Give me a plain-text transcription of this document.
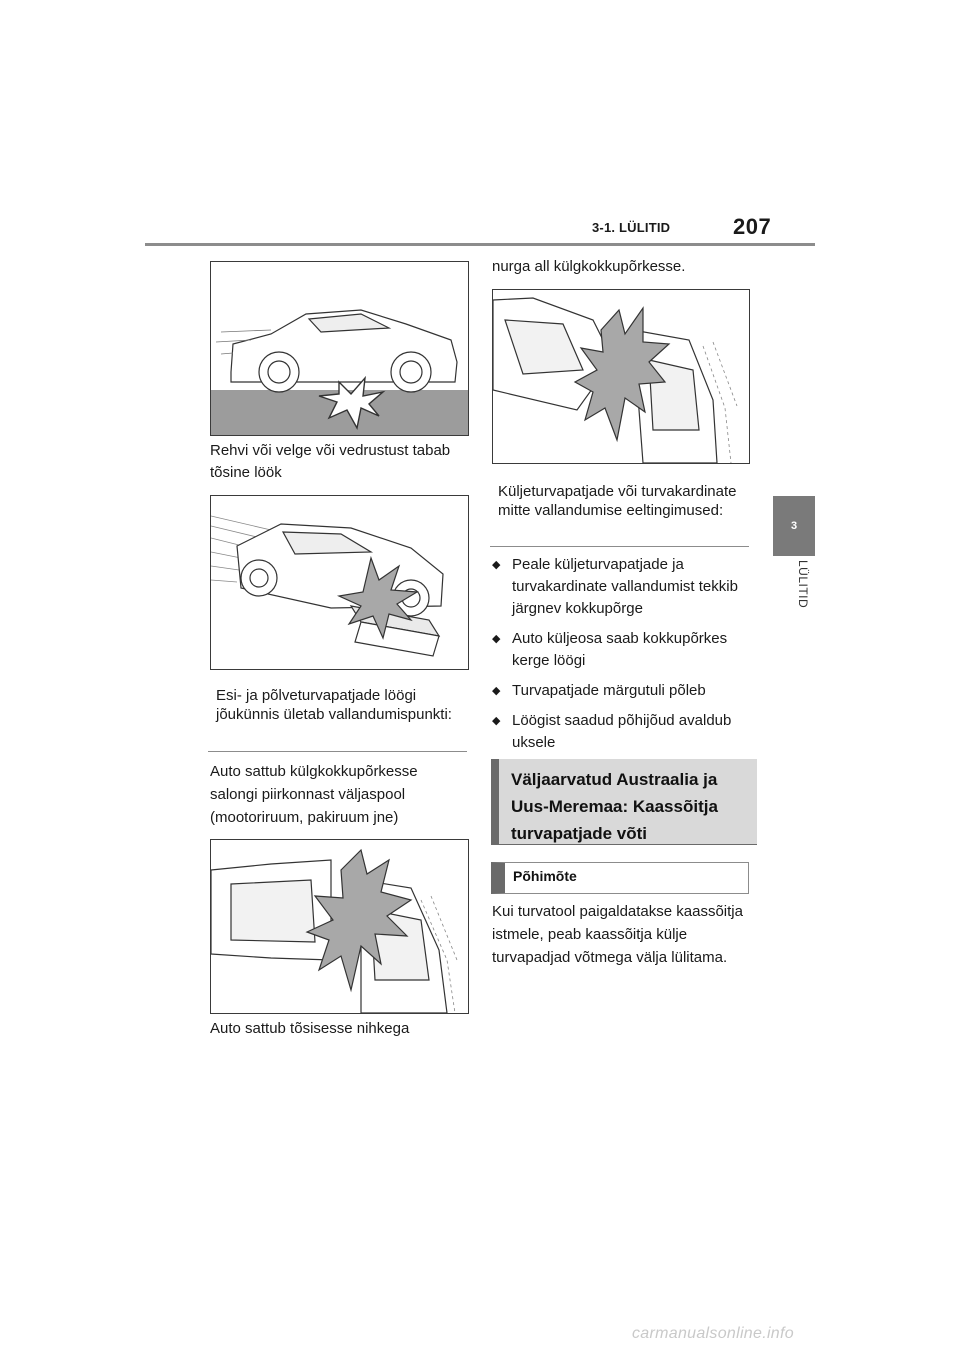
3-1. LÜLITID	207
3
LÜLITID
Rehvi või velge või vedrustust tabab tõsine löök
Esi- ja põlveturvapatjade löögi jõukünnis ületab vallandumispunkti:
Auto sattub külgkokkupõrkesse salongi piirkonnast väljaspool (mootoriruum, pakiruum jne)
Auto sattub tõsisesse nihkega
nurga all külgkokkupõrkesse.
Küljeturvapatjade või turvakardinate mitte vallandumise eeltingimused:
◆ Peale küljeturvapatjade ja turvakardinate vallandumist tekkib järgnev kokkupõrge
◆ Auto küljeosa saab kokkupõrkes kerge löögi
◆ Turvapatjade märgutuli põleb
◆ Löögist saadud põhijõud avaldub uksele
Väljaarvatud Austraalia ja Uus-Meremaa: Kaassõitja turvapatjade võti
Põhimõte
Kui turvatool paigaldatakse kaassõitja istmele, peab kaassõitja külje turvapadjad võtmega välja lülitama.
carmanualsonline.info
